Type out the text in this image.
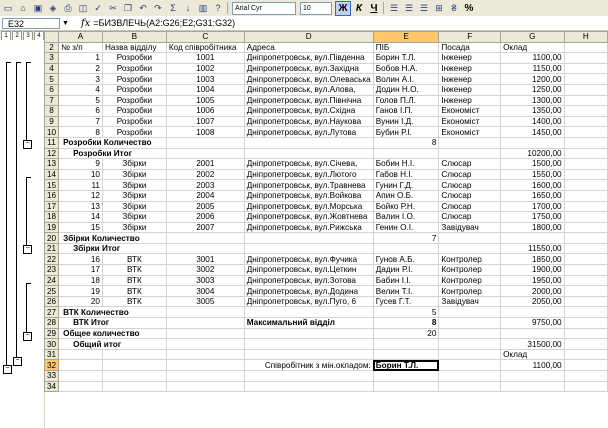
▭ ⌂ ▣ ◈ ⎙ ◫ ✓ ✂ ❐ ↶ ↷ Σ	↓ ▥ ?	Arial Cyr	10	Ж К Ч	☰ ☰ ☰ ⊞ ₴ %
E32	▼ fx =БИЗВЛЕЧЬ(A2:G26;E2;G31:G32)
1	2	3	4
−
−
−
−
−
	A	B	C	D	E	F	G	H
2	№ з/п	Назва відділу	Код співробітника	Адреса	ПІБ	Посада	Оклад	
3	1	Розробки	1001	Дніпропетровськ, вул.Південна	Борин Т.Л.	Інженер	1100,00	
4	2	Розробки	1002	Дніпропетровськ, вул.Західна	Бобов Н.А.	Інженер	1150,00	
5	3	Розробки	1003	Дніпропетровськ, вул.Олеваська	Волин А.І.	Інженер	1200,00	
6	4	Розробки	1004	Дніпропетровськ, вул.Алова,	Додин Н.О.	Інженер	1250,00	
7	5	Розробки	1005	Дніпропетровськ, вул.Північна	Голов П.Л.	Інженер	1300,00	
8	6	Розробки	1006	Дніпропетровськ, вул.Східна	Ганов І.П.	Економіст	1350,00	
9	7	Розробки	1007	Дніпропетровськ, вул.Наукова	Вунин І.Д.	Економіст	1400,00	
10	8	Розробки	1008	Дніпропетровськ, вул.Лутова	Бубин Р.І.	Економіст	1450,00	
11	Розробки Количество				8			
12	Розробки Итог						10200,00	
13	9	Збірки	2001	Дніпропетровськ, вул.Січева,	Бобин Н.І.	Слюсар	1500,00	
14	10	Збірки	2002	Дніпропетровськ, вул.Лютого	Габов Н.І.	Слюсар	1550,00	
15	11	Збірки	2003	Дніпропетровськ, вул.Травнева	Гунин Г.Д.	Слюсар	1600,00	
16	12	Збірки	2004	Дніпропетровськ, вул.Войкова	Апин О.Б.	Слюсар	1650,00	
17	13	Збірки	2005	Дніпропетровськ, вул.Морська	Бойко Р.Н.	Слюсар	1700,00	
18	14	Збірки	2006	Дніпропетровськ, вул.Жовтнева	Валин І.О.	Слюсар	1750,00	
19	15	Збірки	2007	Дніпропетровськ, вул.Рижська	Генин О.І.	Завідувач	1800,00	
20	Збірки Количество				7			
21	Збірки Итог						11550,00	
22	16	ВТК	3001	Дніпропетровськ, вул.Фучика	Гунов А.Б.	Контролер	1850,00	
23	17	ВТК	3002	Дніпропетровськ, вул.Цеткин	Дадин Р.І.	Контролер	1900,00	
24	18	ВТК	3003	Дніпропетровськ, вул.Зотова	Бабин І.І.	Контролер	1950,00	
25	19	ВТК	3004	Дніпропетровськ, вул.Додина	Велин Т.І.	Контролер	2000,00	
26	20	ВТК	3005	Дніпропетровськ, вул.Пуго, 6	Гусев Г.Т.	Завідувач	2050,00	
27	ВТК Количество				5			
28	ВТК Итог			Максимальний відділ	8		9750,00	
29	Общее количество				20			
30	Общий итог						31500,00	
31							Оклад	
32				Співробітник з мін.окладом:	Борин Т.Л.		1100,00	
33								
34								
